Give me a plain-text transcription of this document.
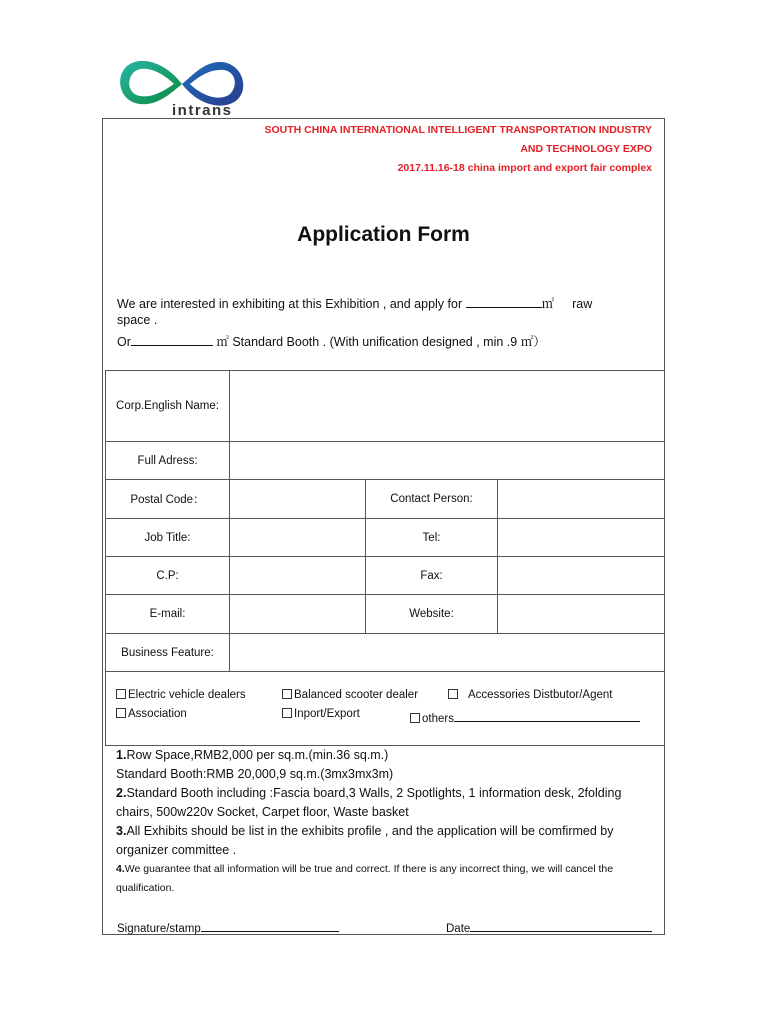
intrans
SOUTH CHINA INTERNATIONAL INTELLIGENT TRANSPORTATION INDUSTRY
AND TECHNOLOGY EXPO
2017.11.16-18 china import and export fair complex
Application Form
We are interested in exhibiting at this Exhibition , and apply for	㎡ raw
space .
Or	㎡ Standard Booth . (With unification designed , min .9 ㎡）
Corp.English Name:
Full Adress:
Postal Code：	Contact Person:
Job Title:	Tel:
C.P:	Fax:
E-mail:	Website:
Business Feature:
Electric vehicle dealers	Balanced scooter dealer	Accessories Distbutor/Agent
Association	Inport/Export	others
1.Row Space,RMB2,000 per sq.m.(min.36 sq.m.)
Standard Booth:RMB 20,000,9 sq.m.(3mx3mx3m)
2.Standard Booth including :Fascia board,3 Walls, 2 Spotlights, 1 information desk, 2folding chairs, 500w220v Socket, Carpet floor, Waste basket
3.All Exhibits should be list in the exhibits profile , and the application will be comfirmed by organizer committee .
4.We guarantee that all information will be true and correct. If there is any incorrect thing, we will cancel the qualification.
Signature/stamp	Date
